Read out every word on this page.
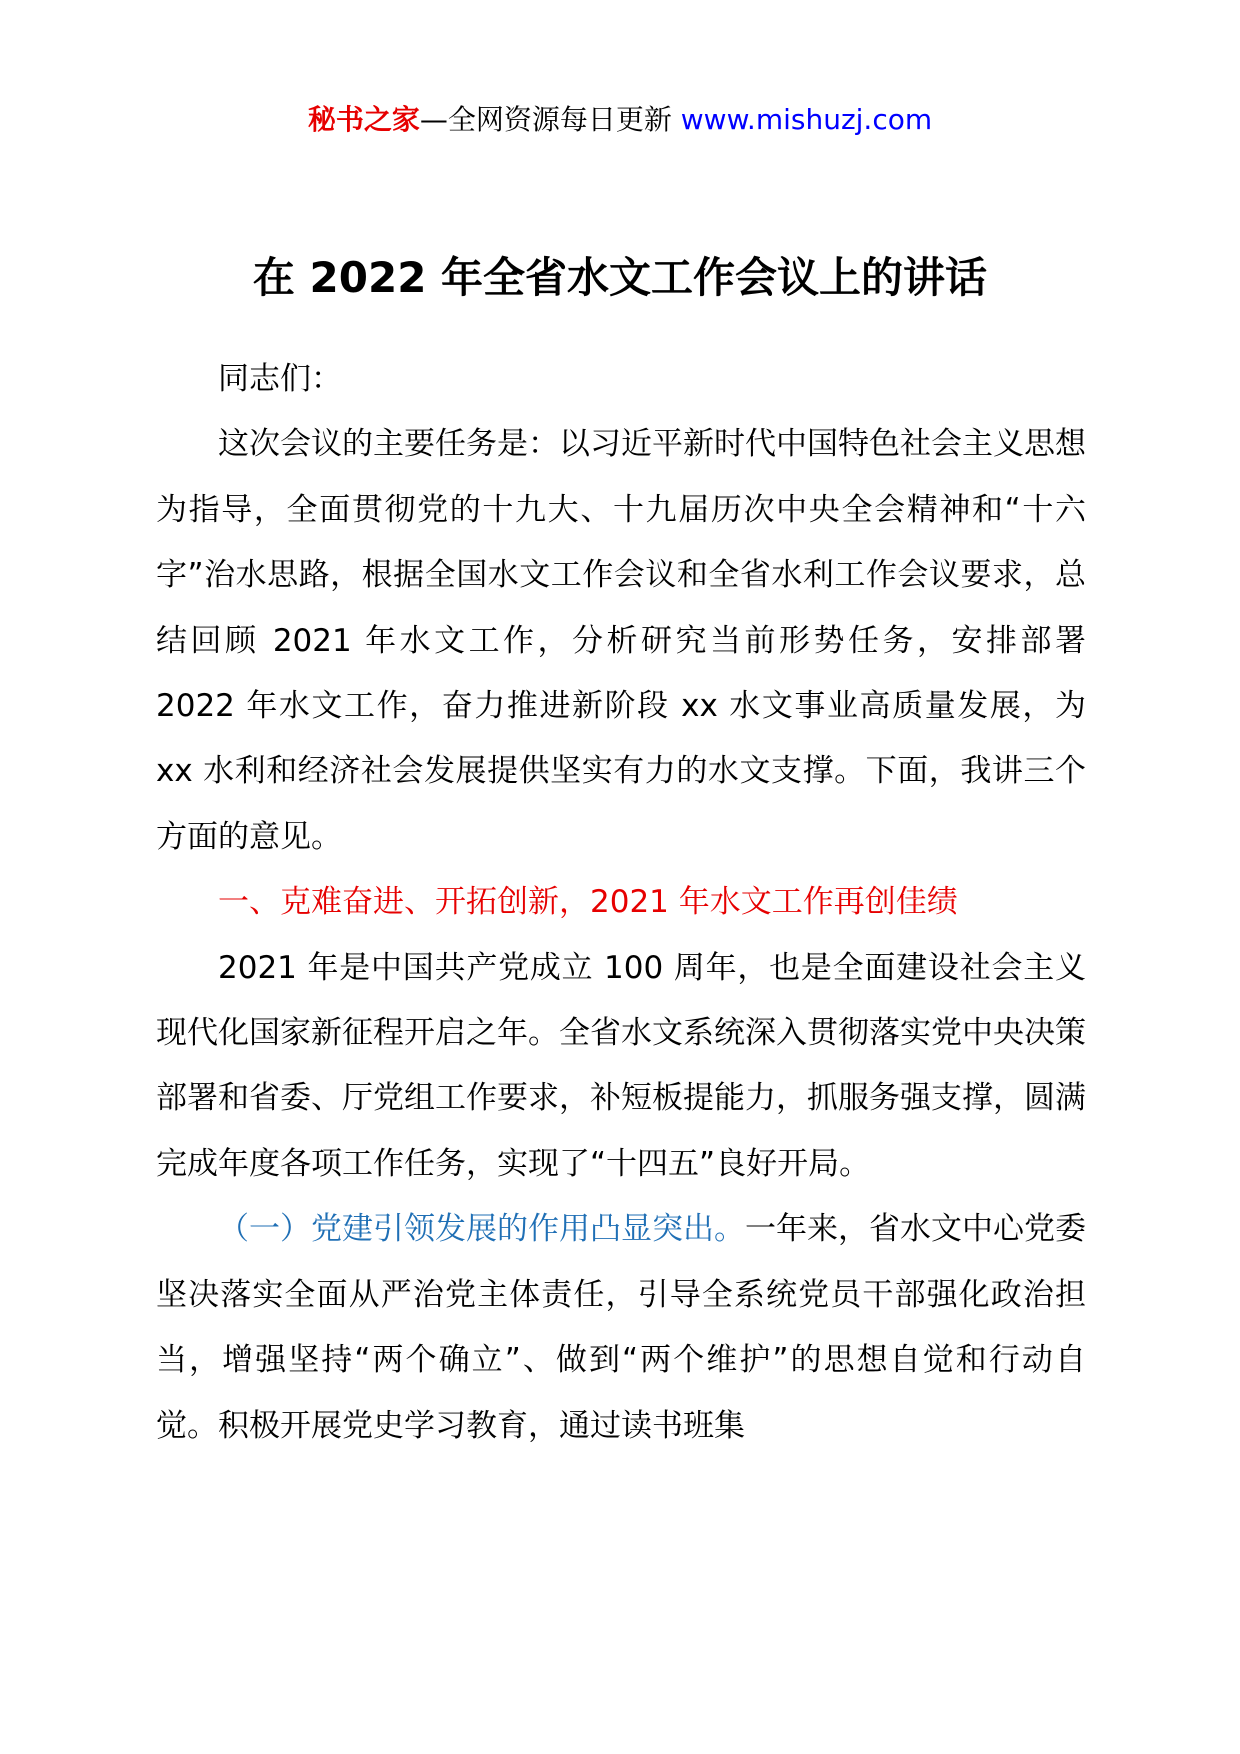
秘书之家—全网资源每日更新 www.mishuzj.com
在 2022 年全省水文工作会议上的讲话

同志们：

这次会议的主要任务是：以习近平新时代中国特色社会主义思想为指导，全面贯彻党的十九大、十九届历次中央全会精神和“十六字”治水思路，根据全国水文工作会议和全省水利工作会议要求，总结回顾 2021 年水文工作，分析研究当前形势任务，安排部署 2022 年水文工作，奋力推进新阶段 xx 水文事业高质量发展，为 xx 水利和经济社会发展提供坚实有力的水文支撑。下面，我讲三个方面的意见。

一、克难奋进、开拓创新，2021 年水文工作再创佳绩

2021 年是中国共产党成立 100 周年，也是全面建设社会主义现代化国家新征程开启之年。全省水文系统深入贯彻落实党中央决策部署和省委、厅党组工作要求，补短板提能力，抓服务强支撑，圆满完成年度各项工作任务，实现了“十四五”良好开局。

（一）党建引领发展的作用凸显突出。一年来，省水文中心党委坚决落实全面从严治党主体责任，引导全系统党员干部强化政治担当，增强坚持“两个确立”、做到“两个维护”的思想自觉和行动自觉。积极开展党史学习教育，通过读书班集
